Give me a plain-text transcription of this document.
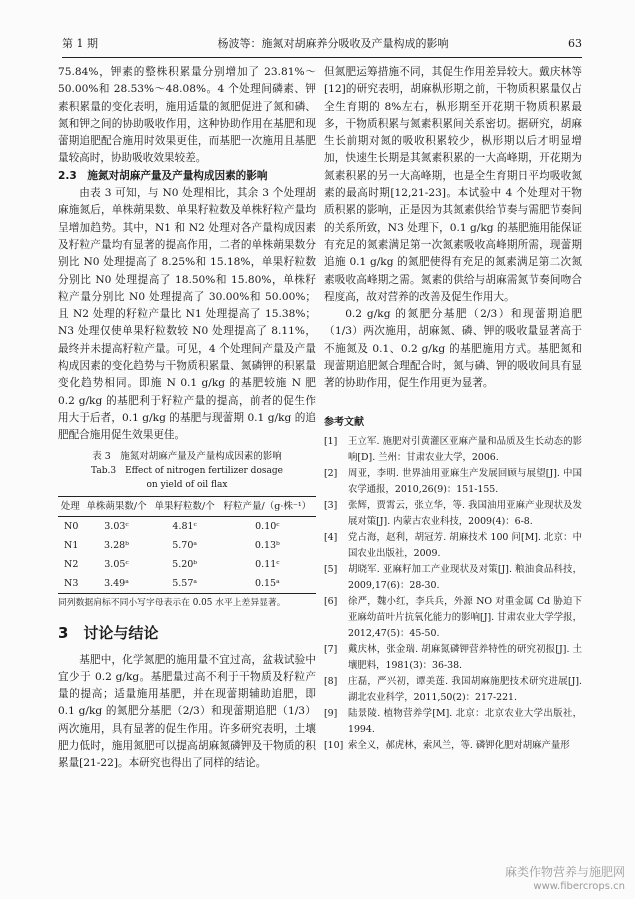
第 1 期	杨波等：施氮对胡麻养分吸收及产量构成的影响	63

75.84%，钾素的整株积累量分别增加了 23.81%～50.00%和 28.53%～48.08%。4 个处理间磷素、钾素积累量的变化表明，施用适量的氮肥促进了氮和磷、氮和钾之间的协助吸收作用，这种协助作用在基肥和现蕾期追肥配合施用时效果更佳，而基肥一次施用且基肥量较高时，协助吸收效果较差。

2.3　施氮对胡麻产量及产量构成因素的影响

由表 3 可知，与 N0 处理相比，其余 3 个处理胡麻施氮后，单株蒴果数、单果籽粒数及单株籽粒产量均呈增加趋势。其中，N1 和 N2 处理对各产量构成因素及籽粒产量均有显著的提高作用，二者的单株蒴果数分别比 N0 处理提高了 8.25%和 15.18%，单果籽粒数分别比 N0 处理提高了 18.50%和 15.80%，单株籽粒产量分别比 N0 处理提高了 30.00%和 50.00%；且 N2 处理的籽粒产量比 N1 处理提高了 15.38%；N3 处理仅使单果籽粒数较 N0 处理提高了 8.11%，最终并未提高籽粒产量。可见，4 个处理间产量及产量构成因素的变化趋势与干物质积累量、氮磷钾的积累量变化趋势相同。即施 N 0.1 g/kg 的基肥较施 N 肥 0.2 g/kg 的基肥利于籽粒产量的提高，前者的促生作用大于后者，0.1 g/kg 的基肥与现蕾期 0.1 g/kg 的追肥配合施用促生效果更佳。

表 3　施氮对胡麻产量及产量构成因素的影响

Tab.3　Effect of nitrogen fertilizer dosage

on yield of oil flax

处理	单株蒴果数/个	单果籽粒数/个	籽粒产量/（g·株⁻¹）
N0	3.03ᶜ	4.81ᶜ	0.10ᶜ
N1	3.28ᵇ	5.70ᵃ	0.13ᵇ
N2	3.05ᶜ	5.20ᵇ	0.11ᶜ
N3	3.49ᵃ	5.57ᵃ	0.15ᵃ

同列数据肩标不同小写字母表示在 0.05 水平上差异显著。

3　讨论与结论

基肥中，化学氮肥的施用量不宜过高，盆栽试验中宜少于 0.2 g/kg。基肥量过高不利于干物质及籽粒产量的提高；适量施用基肥，并在现蕾期辅助追肥，即 0.1 g/kg 的氮肥分基肥（2/3）和现蕾期追肥（1/3）两次施用，具有显著的促生作用。许多研究表明，土壤肥力低时，施用氮肥可以提高胡麻氮磷钾及干物质的积累量[21-22]。本研究也得出了同样的结论。

但氮肥运筹措施不同，其促生作用差异较大。戴庆林等[12]的研究表明，胡麻枞形期之前，干物质积累量仅占全生育期的 8%左右，枞形期至开花期干物质积累最多，干物质积累与氮素积累间关系密切。据研究，胡麻生长前期对氮的吸收积累较少，枞形期以后才明显增加，快速生长期是其氮素积累的一大高峰期，开花期为氮素积累的另一大高峰期，也是全生育期日平均吸收氮素的最高时期[12,21-23]。本试验中 4 个处理对干物质积累的影响，正是因为其氮素供给节奏与需肥节奏间的关系所致，N3 处理下，0.1 g/kg 的基肥施用能保证有充足的氮素满足第一次氮素吸收高峰期所需，现蕾期追施 0.1 g/kg 的氮肥使得有充足的氮素满足第二次氮素吸收高峰期之需。氮素的供给与胡麻需氮节奏间吻合程度高，故对营养的改善及促生作用大。

0.2 g/kg 的氮肥分基肥（2/3）和现蕾期追肥（1/3）两次施用，胡麻氮、磷、钾的吸收量显著高于不施氮及 0.1、0.2 g/kg 的基肥施用方式。基肥氮和现蕾期追肥氮合理配合时，氮与磷、钾的吸收间具有显著的协助作用，促生作用更为显著。

参考文献

[1]	王立军. 施肥对引黄灌区亚麻产量和品质及生长动态的影响[D]. 兰州：甘肃农业大学，2006.
[2]	周亚，李明. 世界油用亚麻生产发展回顾与展望[J]. 中国农学通报，2010,26(9)：151-155.
[3]	张辉，贾霄云，张立华，等. 我国油用亚麻产业现状及发展对策[J]. 内蒙古农业科技，2009(4)：6-8.
[4]	党占海，赵利，胡冠芳. 胡麻技术 100 问[M]. 北京：中国农业出版社，2009.
[5]	胡晓军. 亚麻籽加工产业现状及对策[J]. 粮油食品科技，2009,17(6)：28-30.
[6]	徐严，魏小红，李兵兵，外源 NO 对重金属 Cd 胁迫下亚麻幼苗叶片抗氧化能力的影响[J]. 甘肃农业大学学报，2012,47(5)：45-50.
[7]	戴庆林，张金瑞. 胡麻氮磷钾营养特性的研究初报[J]. 土壤肥料，1981(3)：36-38.
[8]	庄磊，严兴初，谭美莲. 我国胡麻施肥技术研究进展[J]. 湖北农业科学，2011,50(2)：217-221.
[9]	陆景陵. 植物营养学[M]. 北京：北京农业大学出版社，1994.
[10] 索全义，郝虎林，索风兰，等. 磷钾化肥对胡麻产量形
麻类作物营养与施肥网
www.fibercrops.cn
